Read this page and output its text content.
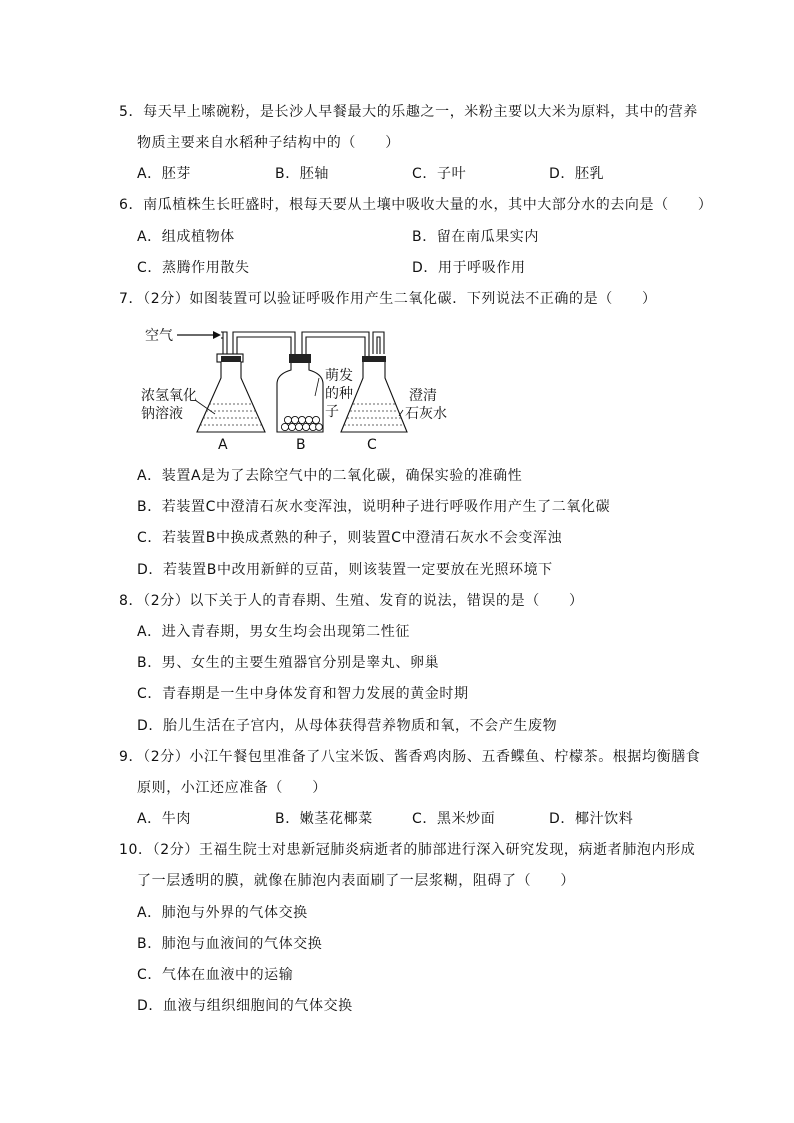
5．每天早上嗦碗粉，是长沙人早餐最大的乐趣之一，米粉主要以大米为原料，其中的营养
物质主要来自水稻种子结构中的（　　）
A．胚芽	B．胚轴	C．子叶	D．胚乳
6．南瓜植株生长旺盛时，根每天要从土壤中吸收大量的水，其中大部分水的去向是（　　）
A．组成植物体	B．留在南瓜果实内
C．蒸腾作用散失	D．用于呼吸作用
7．（2分）如图装置可以验证呼吸作用产生二氧化碳．下列说法不正确的是（　　）
空气
浓氢氧化
钠溶液
萌发
的种
子
澄清
石灰水
A	B	C
A．装置A是为了去除空气中的二氧化碳，确保实验的准确性
B．若装置C中澄清石灰水变浑浊，说明种子进行呼吸作用产生了二氧化碳
C．若装置B中换成煮熟的种子，则装置C中澄清石灰水不会变浑浊
D．若装置B中改用新鲜的豆苗，则该装置一定要放在光照环境下
8．（2分）以下关于人的青春期、生殖、发育的说法，错误的是（　　）
A．进入青春期，男女生均会出现第二性征
B．男、女生的主要生殖器官分别是睾丸、卵巢
C．青春期是一生中身体发育和智力发展的黄金时期
D．胎儿生活在子宫内，从母体获得营养物质和氧，不会产生废物
9．（2分）小江午餐包里准备了八宝米饭、酱香鸡肉肠、五香鲽鱼、柠檬茶。根据均衡膳食
原则，小江还应准备（　　）
A．牛肉	B．嫩茎花椰菜	C．黑米炒面	D．椰汁饮料
10．（2分）王福生院士对患新冠肺炎病逝者的肺部进行深入研究发现，病逝者肺泡内形成
了一层透明的膜，就像在肺泡内表面刷了一层浆糊，阻碍了（　　）
A．肺泡与外界的气体交换
B．肺泡与血液间的气体交换
C．气体在血液中的运输
D．血液与组织细胞间的气体交换
